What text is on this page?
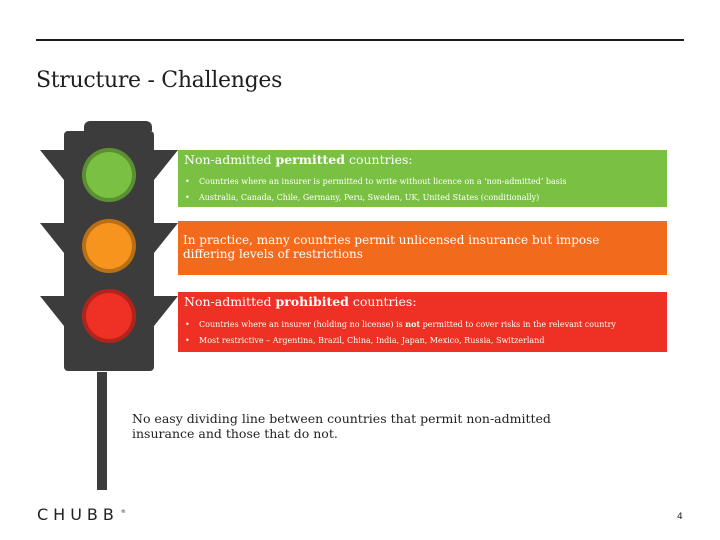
Structure - Challenges
Non-admitted permitted countries:
• Countries where an insurer is permitted to write without licence on a ‘non-admitted’ basis
• Australia, Canada, Chile, Germany, Peru, Sweden, UK, United States (conditionally)
In practice, many countries permit unlicensed insurance but impose differing levels of restrictions
Non-admitted prohibited countries:
• Countries where an insurer (holding no license) is not permitted to cover risks in the relevant country
• Most restrictive – Argentina, Brazil, China, India, Japan, Mexico, Russia, Switzerland
No easy dividing line between countries that permit non-admitted insurance and those that do not.
CHUBB ®
4
